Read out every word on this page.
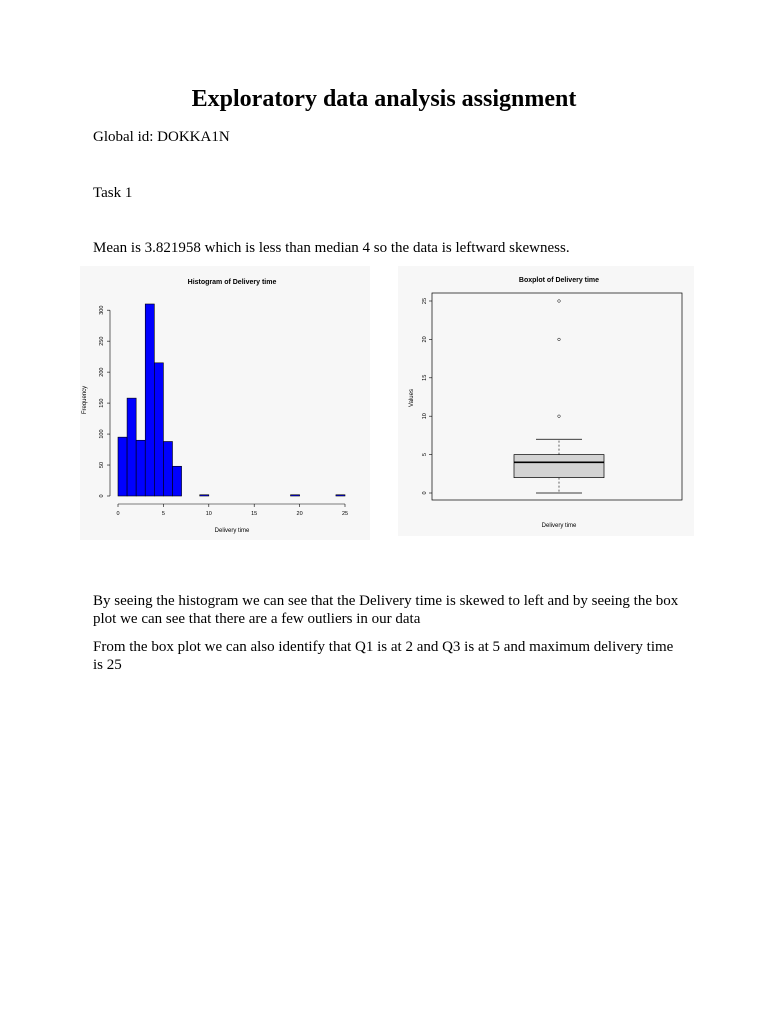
Exploratory data analysis assignment
Global id: DOKKA1N
Task 1
Mean is 3.821958 which is less than median 4 so the data is leftward skewness.
Histogram of Delivery time
Delivery time
Frequency
0	5	10	15	20	25
0
50
100
150
200
250
300
Boxplot of Delivery time
Delivery time
Values
0
5
10
15
20
25
By seeing the histogram we can see that the Delivery time is skewed to left and by seeing the box plot we can see that there are a few outliers in our data
From the box plot we can also identify that Q1 is at 2 and Q3 is at 5 and maximum delivery time is 25
